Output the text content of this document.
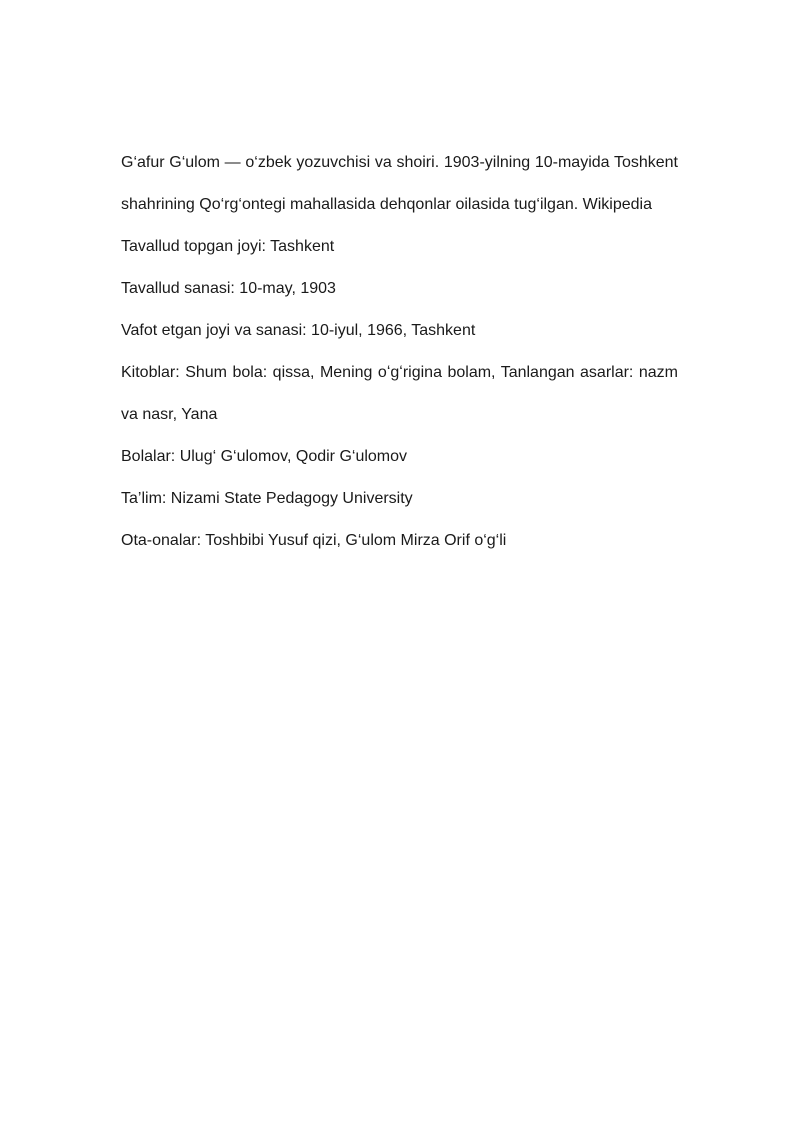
G‘afur G‘ulom — o‘zbek yozuvchisi va shoiri. 1903-yilning 10-mayida Toshkent shahrining Qo‘rg‘ontegi mahallasida dehqonlar oilasida tug‘ilgan. Wikipedia

Tavallud topgan joyi: Tashkent

Tavallud sanasi: 10-may, 1903

Vafot etgan joyi va sanasi: 10-iyul, 1966, Tashkent

Kitoblar: Shum bola: qissa, Mening oʻgʻrigina bolam, Tanlangan asarlar: nazm va nasr, Yana

Bolalar: Ulug‘ G‘ulomov, Qodir G‘ulomov

Ta’lim: Nizami State Pedagogy University

Ota-onalar: Toshbibi Yusuf qizi, G‘ulom Mirza Orif o‘g‘li
